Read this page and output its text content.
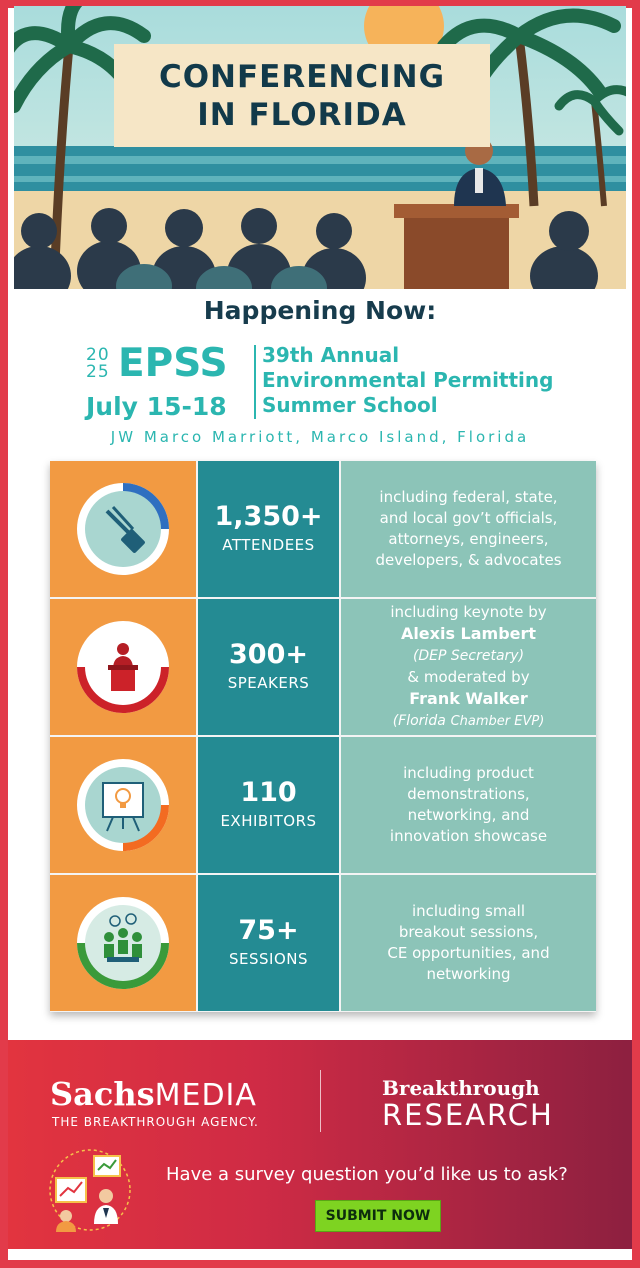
CONFERENCING
IN FLORIDA
Happening Now:
20
25 EPSS
July 15-18
39th Annual
Environmental Permitting
Summer School
JW Marco Marriott, Marco Island, Florida
1,350+
ATTENDEES
including federal, state,
and local gov’t officials,
attorneys, engineers,
developers, & advocates
300+
SPEAKERS
including keynote by
Alexis Lambert
(DEP Secretary)
& moderated by
Frank Walker
(Florida Chamber EVP)
110
EXHIBITORS
including product
demonstrations,
networking, and
innovation showcase
75+
SESSIONS
including small
breakout sessions,
CE opportunities, and
networking
SachsMEDIA
THE BREAKTHROUGH AGENCY.
Breakthrough
RESEARCH
Have a survey question you’d like us to ask?
SUBMIT NOW
